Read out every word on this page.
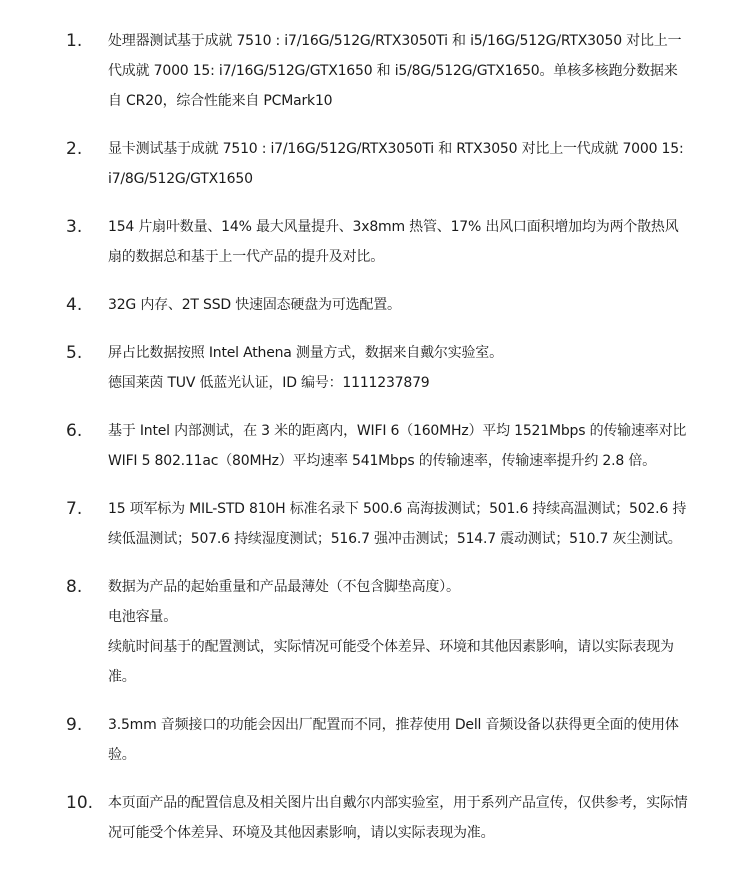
1.	处理器测试基于成就 7510 : i7/16G/512G/RTX3050Ti 和 i5/16G/512G/RTX3050 对比上一代成就 7000 15: i7/16G/512G/GTX1650 和 i5/8G/512G/GTX1650。单核多核跑分数据来自 CR20，综合性能来自 PCMark10
2.	显卡测试基于成就 7510 : i7/16G/512G/RTX3050Ti 和 RTX3050 对比上一代成就 7000 15: i7/8G/512G/GTX1650
3.	154 片扇叶数量、14% 最大风量提升、3x8mm 热管、17% 出风口面积增加均为两个散热风扇的数据总和基于上一代产品的提升及对比。
4.	32G 内存、2T SSD 快速固态硬盘为可选配置。
5.	屏占比数据按照 Intel Athena 测量方式，数据来自戴尔实验室。
德国莱茵 TUV 低蓝光认证，ID 编号：1111237879
6.	基于 Intel 内部测试，在 3 米的距离内，WIFI 6（160MHz）平均 1521Mbps 的传输速率对比 WIFI 5 802.11ac（80MHz）平均速率 541Mbps 的传输速率，传输速率提升约 2.8 倍。
7.	15 项军标为 MIL-STD 810H 标准名录下 500.6 高海拔测试；501.6 持续高温测试；502.6 持续低温测试；507.6 持续湿度测试；516.7 强冲击测试；514.7 震动测试；510.7 灰尘测试。
8.	数据为产品的起始重量和产品最薄处（不包含脚垫高度）。
电池容量。
续航时间基于的配置测试，实际情况可能受个体差异、环境和其他因素影响，请以实际表现为准。
9.	3.5mm 音频接口的功能会因出厂配置而不同，推荐使用 Dell 音频设备以获得更全面的使用体验。
10.	本页面产品的配置信息及相关图片出自戴尔内部实验室，用于系列产品宣传，仅供参考，实际情况可能受个体差异、环境及其他因素影响，请以实际表现为准。
